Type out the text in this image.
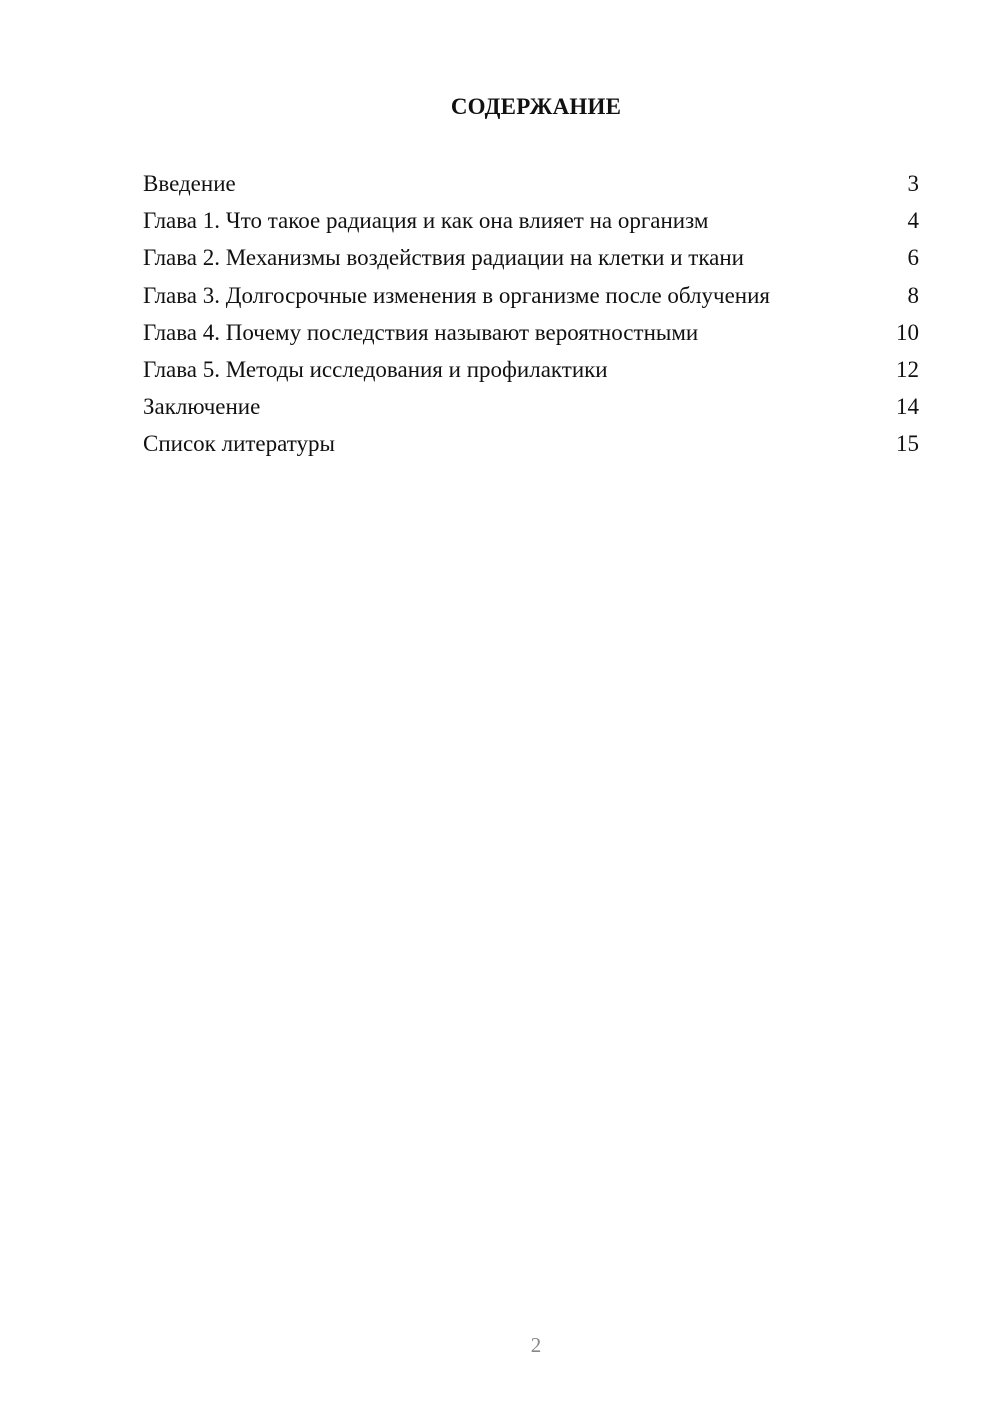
СОДЕРЖАНИЕ
Введение	3
Глава 1. Что такое радиация и как она влияет на организм	4
Глава 2. Механизмы воздействия радиации на клетки и ткани	6
Глава 3. Долгосрочные изменения в организме после облучения	8
Глава 4. Почему последствия называют вероятностными	10
Глава 5. Методы исследования и профилактики	12
Заключение	14
Список литературы	15
2
